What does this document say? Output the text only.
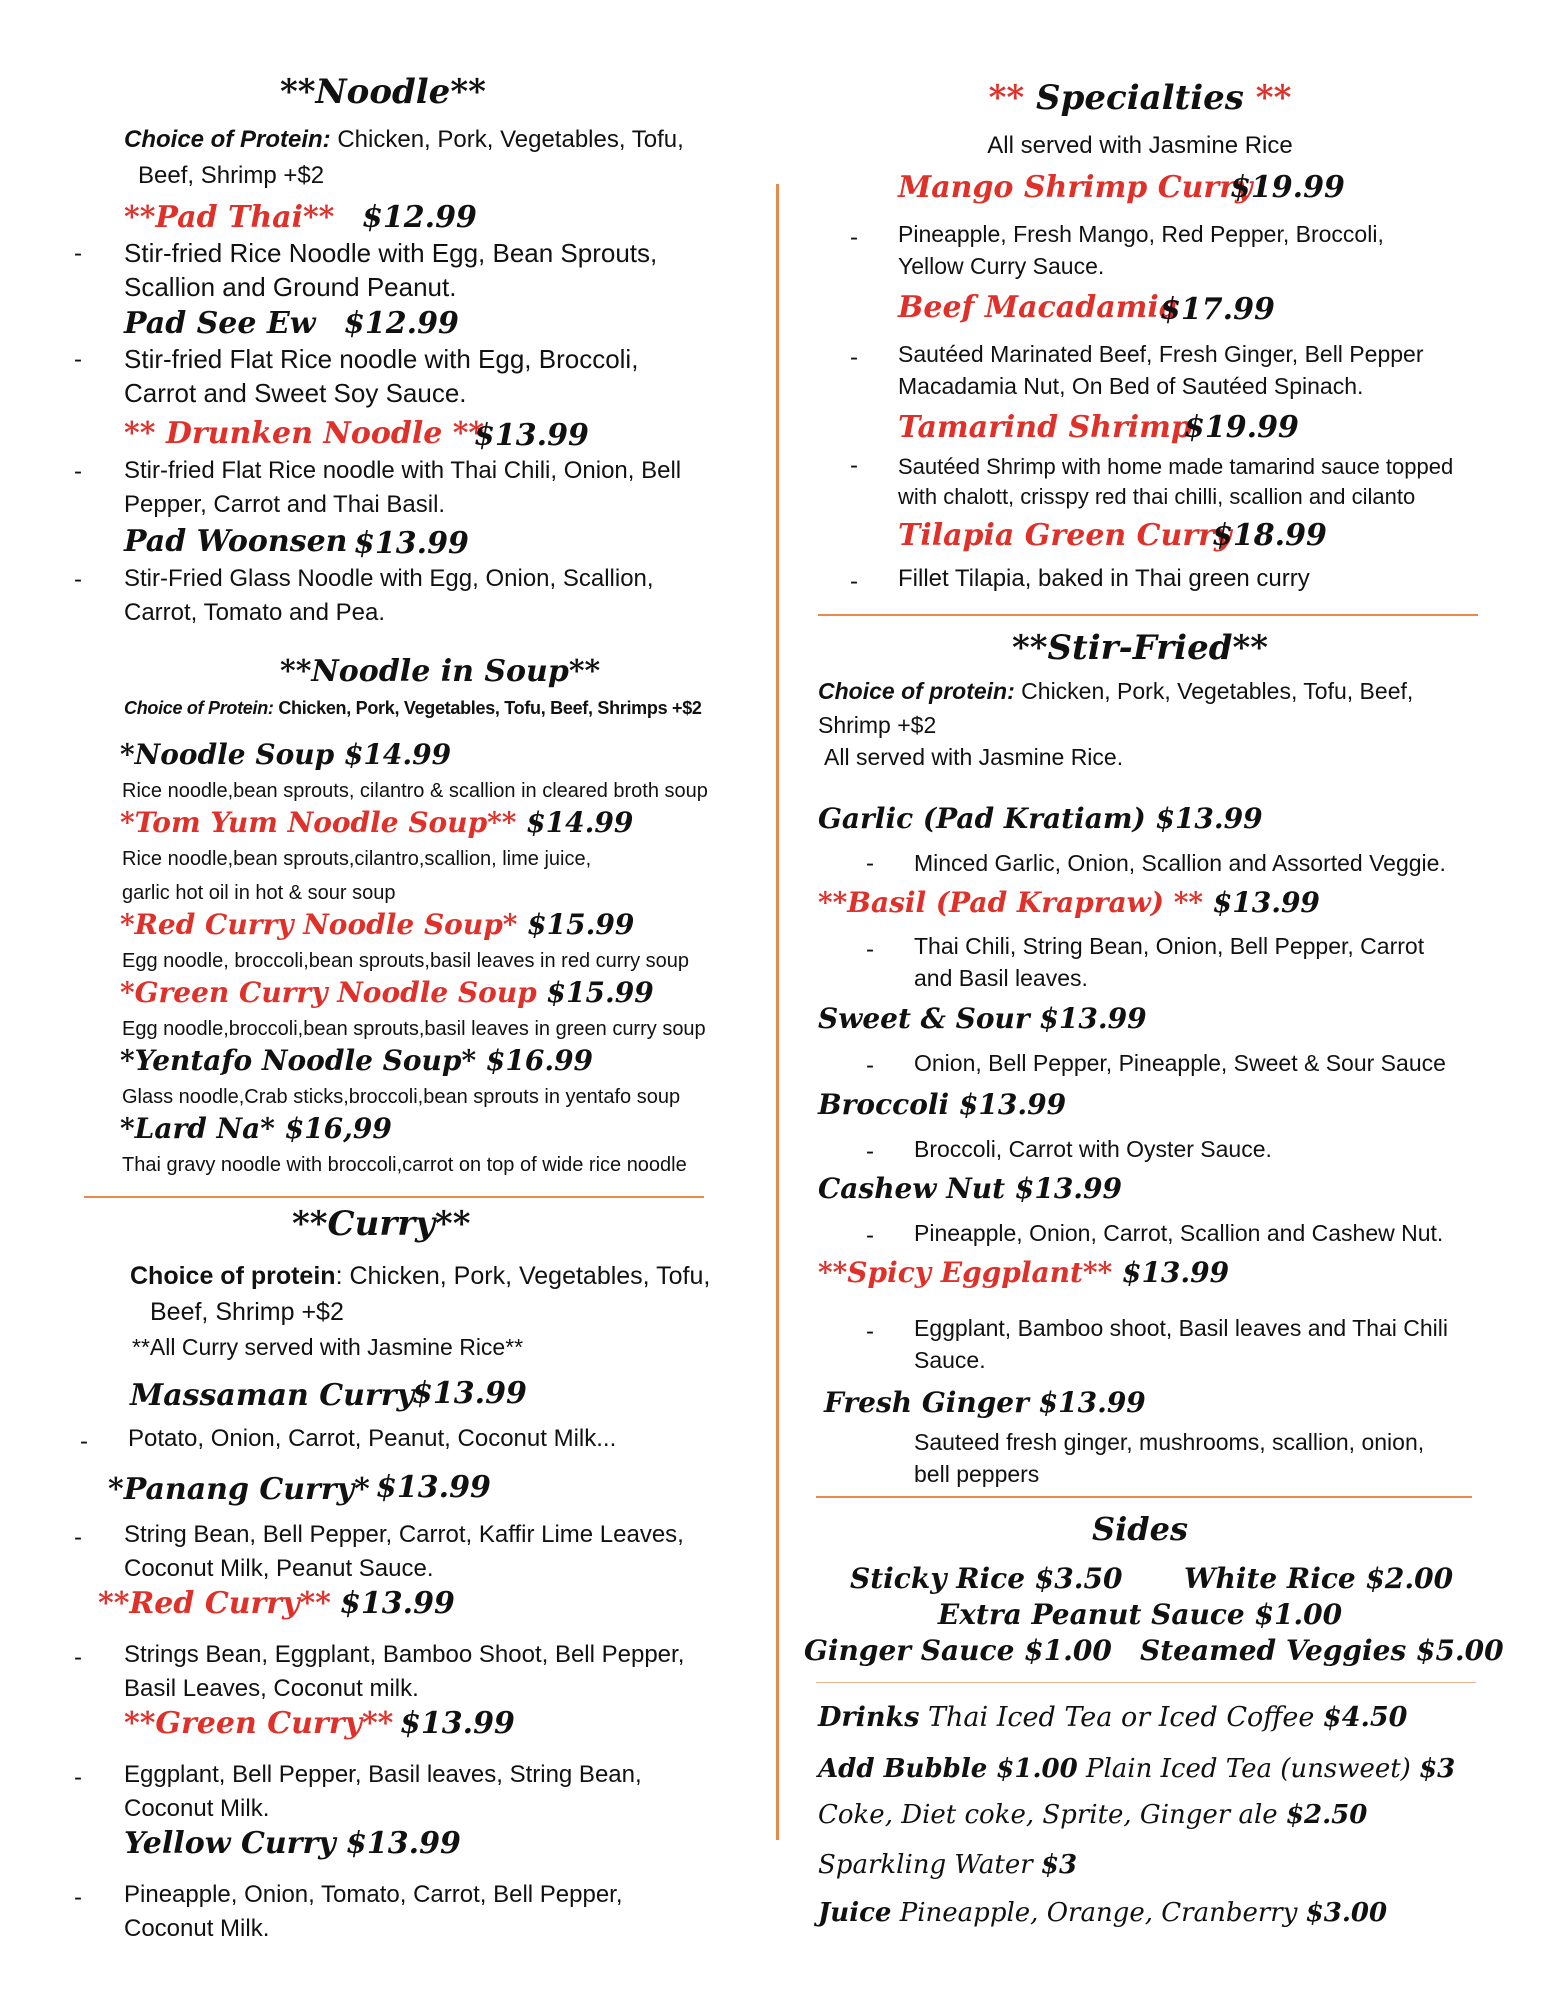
**Noodle**
Choice of Protein: Chicken, Pork, Vegetables, Tofu,
Beef, Shrimp +$2
**Pad Thai** $12.99
- Stir-fried Rice Noodle with Egg, Bean Sprouts,
Scallion and Ground Peanut.
Pad See Ew $12.99
- Stir-fried Flat Rice noodle with Egg, Broccoli,
Carrot and Sweet Soy Sauce.
** Drunken Noodle **
$13.99
- Stir-fried Flat Rice noodle with Thai Chili, Onion, Bell
Pepper, Carrot and Thai Basil.
Pad Woonsen $13.99
- Stir-Fried Glass Noodle with Egg, Onion, Scallion,
Carrot, Tomato and Pea.
**Noodle in Soup**
Choice of Protein: Chicken, Pork, Vegetables, Tofu, Beef, Shrimps +$2
*Noodle Soup $14.99
Rice noodle,bean sprouts, cilantro & scallion in cleared broth soup
*Tom Yum Noodle Soup** $14.99
Rice noodle,bean sprouts,cilantro,scallion, lime juice,
garlic hot oil in hot & sour soup
*Red Curry Noodle Soup* $15.99
Egg noodle, broccoli,bean sprouts,basil leaves in red curry soup
*Green Curry Noodle Soup $15.99
Egg noodle,broccoli,bean sprouts,basil leaves in green curry soup
*Yentafo Noodle Soup* $16.99
Glass noodle,Crab sticks,broccoli,bean sprouts in yentafo soup
*Lard Na* $16,99
Thai gravy noodle with broccoli,carrot on top of wide rice noodle
**Curry**
Choice of protein: Chicken, Pork, Vegetables, Tofu,
Beef, Shrimp +$2
**All Curry served with Jasmine Rice**
Massaman Curry
$13.99
- Potato, Onion, Carrot, Peanut, Coconut Milk...
*Panang Curry* $13.99
- String Bean, Bell Pepper, Carrot, Kaffir Lime Leaves,
Coconut Milk, Peanut Sauce.
**Red Curry** $13.99
- Strings Bean, Eggplant, Bamboo Shoot, Bell Pepper,
Basil Leaves, Coconut milk.
**Green Curry** $13.99
- Eggplant, Bell Pepper, Basil leaves, String Bean,
Coconut Milk.
Yellow Curry $13.99
- Pineapple, Onion, Tomato, Carrot, Bell Pepper,
Coconut Milk.
** Specialties **
All served with Jasmine Rice
Mango Shrimp Curry
$19.99
- Pineapple, Fresh Mango, Red Pepper, Broccoli,
Yellow Curry Sauce.
Beef Macadamia
$17.99
- Sautéed Marinated Beef, Fresh Ginger, Bell Pepper
Macadamia Nut, On Bed of Sautéed Spinach.
Tamarind Shrimp
$19.99
- Sautéed Shrimp with home made tamarind sauce topped
with chalott, crisspy red thai chilli, scallion and cilanto
Tilapia Green Curry
$18.99
- Fillet Tilapia, baked in Thai green curry
**Stir-Fried**
Choice of protein: Chicken, Pork, Vegetables, Tofu, Beef,
Shrimp +$2
All served with Jasmine Rice.
Garlic (Pad Kratiam) $13.99
- Minced Garlic, Onion, Scallion and Assorted Veggie.
**Basil (Pad Krapraw) ** $13.99
- Thai Chili, String Bean, Onion, Bell Pepper, Carrot
and Basil leaves.
Sweet & Sour $13.99
- Onion, Bell Pepper, Pineapple, Sweet & Sour Sauce
Broccoli $13.99
- Broccoli, Carrot with Oyster Sauce.
Cashew Nut $13.99
- Pineapple, Onion, Carrot, Scallion and Cashew Nut.
**Spicy Eggplant** $13.99
- Eggplant, Bamboo shoot, Basil leaves and Thai Chili
Sauce.
Fresh Ginger $13.99
Sauteed fresh ginger, mushrooms, scallion, onion,
bell peppers
Sides
Sticky Rice $3.50 White Rice $2.00
Extra Peanut Sauce $1.00
Ginger Sauce $1.00 Steamed Veggies $5.00
Drinks Thai Iced Tea or Iced Coffee $4.50
Add Bubble $1.00 Plain Iced Tea (unsweet) $3
Coke, Diet coke, Sprite, Ginger ale $2.50
Sparkling Water $3
Juice Pineapple, Orange, Cranberry $3.00
